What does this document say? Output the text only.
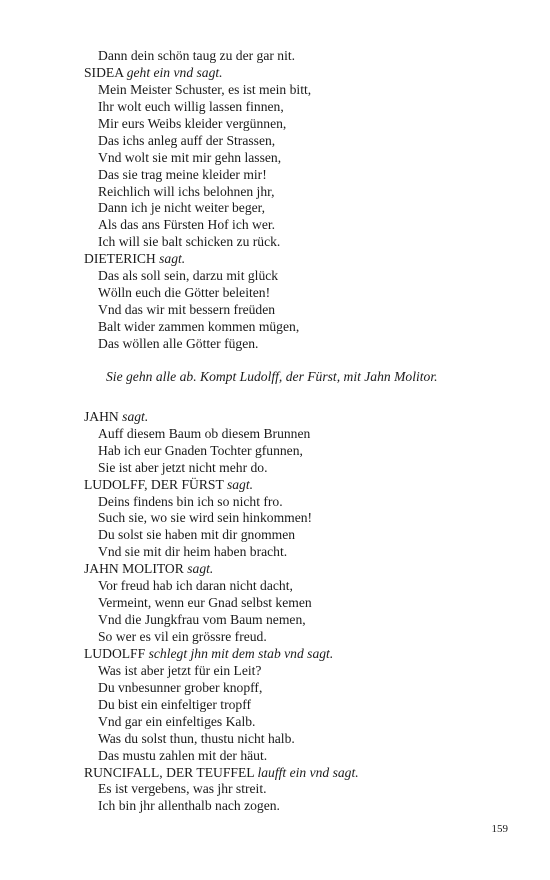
Dann dein schön taug zu der gar nit.
SIDEA geht ein vnd sagt.
Mein Meister Schuster, es ist mein bitt,
Ihr wolt euch willig lassen finnen,
Mir eurs Weibs kleider vergünnen,
Das ichs anleg auff der Strassen,
Vnd wolt sie mit mir gehn lassen,
Das sie trag meine kleider mir!
Reichlich will ichs belohnen jhr,
Dann ich je nicht weiter beger,
Als das ans Fürsten Hof ich wer.
Ich will sie balt schicken zu rück.
DIETERICH sagt.
Das als soll sein, darzu mit glück
Wölln euch die Götter beleiten!
Vnd das wir mit bessern freüden
Balt wider zammen kommen mügen,
Das wöllen alle Götter fügen.
Sie gehn alle ab. Kompt Ludolff, der Fürst, mit Jahn Molitor.
JAHN sagt.
Auff diesem Baum ob diesem Brunnen
Hab ich eur Gnaden Tochter gfunnen,
Sie ist aber jetzt nicht mehr do.
LUDOLFF, DER FÜRST sagt.
Deins findens bin ich so nicht fro.
Such sie, wo sie wird sein hinkommen!
Du solst sie haben mit dir gnommen
Vnd sie mit dir heim haben bracht.
JAHN MOLITOR sagt.
Vor freud hab ich daran nicht dacht,
Vermeint, wenn eur Gnad selbst kemen
Vnd die Jungkfrau vom Baum nemen,
So wer es vil ein grössre freud.
LUDOLFF schlegt jhn mit dem stab vnd sagt.
Was ist aber jetzt für ein Leit?
Du vnbesunner grober knopff,
Du bist ein einfeltiger tropff
Vnd gar ein einfeltiges Kalb.
Was du solst thun, thustu nicht halb.
Das mustu zahlen mit der häut.
RUNCIFALL, DER TEUFFEL laufft ein vnd sagt.
Es ist vergebens, was jhr streit.
Ich bin jhr allenthalb nach zogen.
159
